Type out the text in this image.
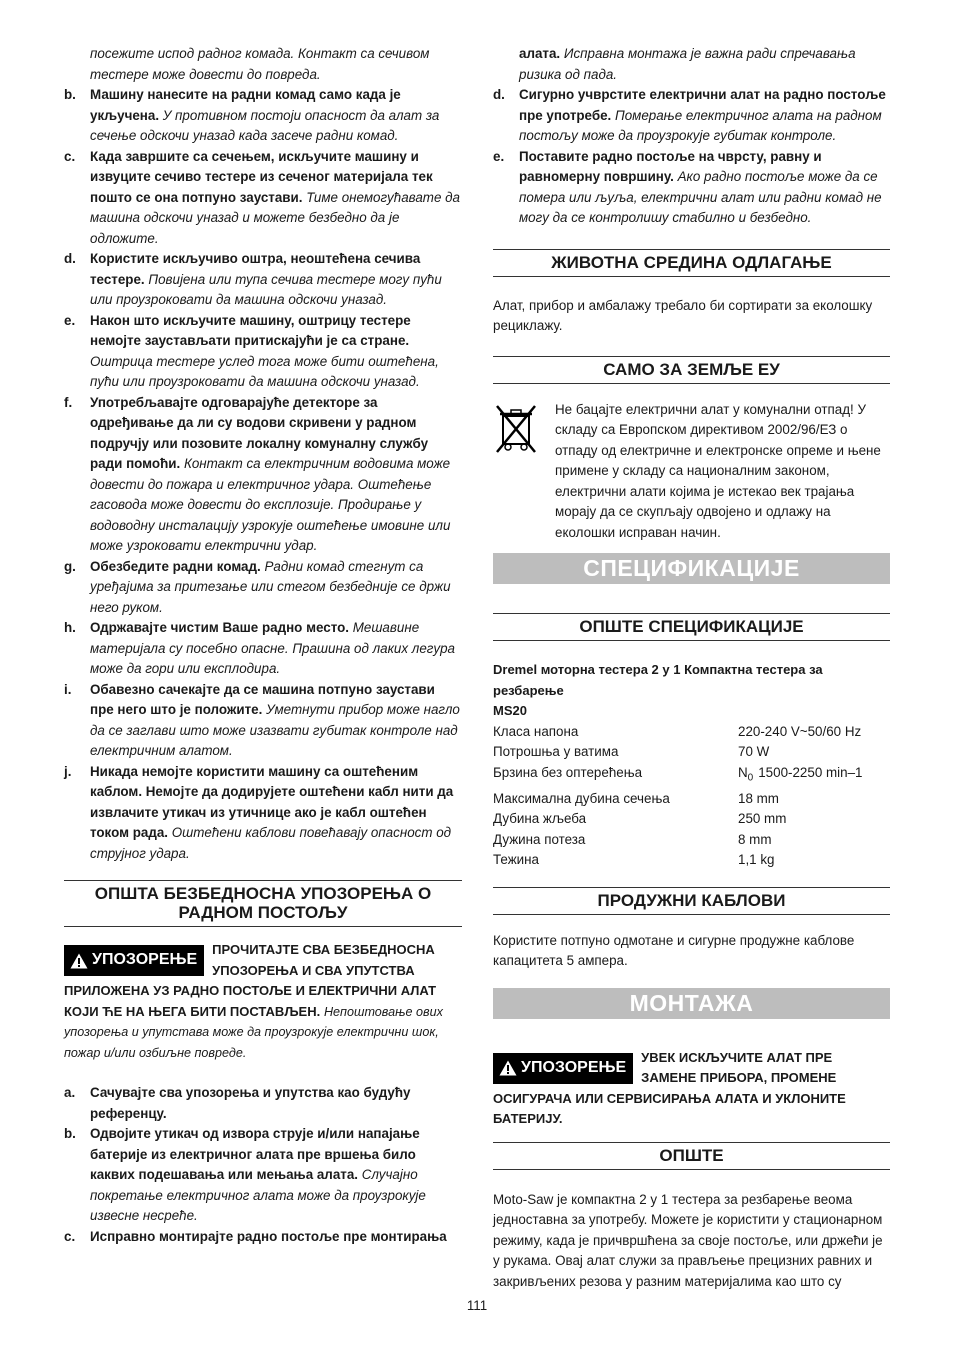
посежите испод радног комада. Контакт са сечивом тестере може довести до повреда.

b. Машину нанесите на радни комад само када је укључена. У противном постоји опасност да алат за сечење одскочи уназад када засече радни комад.
c. Када завршите са сечењем, искључите машину и извуците сечиво тестере из сеченог материјала тек пошто се она потпуно заустави. Тиме онемогућавате да машина одскочи уназад и можете безбедно да је одложите.
d. Користите искључиво оштра, неоштећена сечива тестере. Повијена или тупа сечива тестере могу пући или проузроковати да машина одскочи уназад.
e. Након што искључите машину, оштрицу тестере немојте заустављати притискајући је са стране. Оштрица тестере услед тога може бити оштећена, пући или проузроковати да машина одскочи уназад.
f. Употребљавајте одговарајуће детекторе за одређивање да ли су водови скривени у радном подручју или позовите локалну комуналну службу ради помоћи. Контакт са електричним водовима може довести до пожара и електричног удара. Оштећење гасовода може довести до експлозије. Продирање у водоводну инсталацију узрокује оштећење имовине или може узроковати електрични удар.
g. Обезбедите радни комад. Радни комад стегнут са уређајима за притезање или стегом безбедније се држи него руком.
h. Одржавајте чистим Ваше радно место. Мешавине материјала су посебно опасне. Прашина од лаких легура може да гори или експлодира.
i. Обавезно сачекајте да се машина потпуно заустави пре него што је положите. Уметнути прибор може нагло да се заглави што може изазвати губитак контроле над електричним алатом.
j. Никада немојте користити машину са оштећеним каблом. Немојте да додирујете оштећени кабл нити да извлачите утикач из утичнице ако је кабл оштећен током рада. Оштећени каблови повећавају опасност од струјног удара.
ОПШТА БЕЗБЕДНОСНА УПОЗОРЕЊА О РАДНОМ ПОСТОЉУ
УПОЗОРЕЊЕ
ПРОЧИТАЈТЕ СВА БЕЗБЕДНОСНА УПОЗОРЕЊА И СВА УПУТСТВА ПРИЛОЖЕНА УЗ РАДНО ПОСТОЉЕ И ЕЛЕКТРИЧНИ АЛАТ КОЈИ ЋЕ НА ЊЕГА БИТИ ПОСТАВЉЕН. Непоштовање ових упозорења и упутстава може да проузрокује електрични шок, пожар и/или озбиљне повреде.
a. Сачувајте сва упозорења и упутства као будућу референцу.
b. Одвојите утикач од извора струје и/или напајање батерије из електричног алата пре вршења било каквих подешавања или мењања алата. Случајно покретање електричног алата може да проузрокује извесне несреће.
c. Исправно монтирајте радно постоље пре монтирања

алата. Исправна монтажа је важна ради спречавања ризика од пада.

d. Сигурно учврстите електрични алат на радно постоље пре употребе. Померање електричног алата на радном постољу може да проузрокује губитак контроле.
e. Поставите радно постоље на чврсту, равну и равномерну површину. Ако радно постоље може да се помера или љуља, електрични алат или радни комад не могу да се контролишу стабилно и безбедно.
ЖИВОТНА СРЕДИНА ОДЛАГАЊЕ

Алат, прибор и амбалажу требало би сортирати за еколошку рециклажу.

САМО ЗА ЗЕМЉЕ ЕУ

Не бацајте електрични алат у комунални отпад! У складу са Европском директивом 2002/96/ЕЗ о отпаду од електричне и електронске опреме и њене примене у складу са националним законом, електрични алати којима је истекао век трајања морају да се скупљају одвојено и одлажу на еколошки исправан начин.

СПЕЦИФИКАЦИЈЕ
ОПШТЕ СПЕЦИФИКАЦИЈЕ

Dremel моторна тестера 2 у 1 Компактна тестера за резбарење

MS20

Класа напона	220-240 V~50/60 Hz
Потрошња у ватима	70 W
Брзина без оптерећења	$N_0$ 1500-2250 min–1
Максимална дубина сечења	18 mm
Дубина жљеба	250 mm
Дужина потеза	8 mm
Тежина	1,1 kg
ПРОДУЖНИ КАБЛОВИ

Користите потпуно одмотане и сигурне продужне каблове капацитета 5 ампера.

МОНТАЖА
УПОЗОРЕЊЕ
УВЕК ИСКЉУЧИТЕ АЛАТ ПРЕ ЗАМЕНЕ ПРИБОРА, ПРОМЕНЕ ОСИГУРАЧА ИЛИ СЕРВИСИРАЊА АЛАТА И УКЛОНИТЕ БАТЕРИЈУ.
ОПШТЕ

Moto-Saw је компактна 2 у 1 тестера за резбарење веома једноставна за употребу. Можете је користити у стационарном режиму, када је причвршћена за своје постоље, или држећи је у рукама. Овај алат служи за прављење прецизних равних и закривљених резова у разним материјалима као што су

111
